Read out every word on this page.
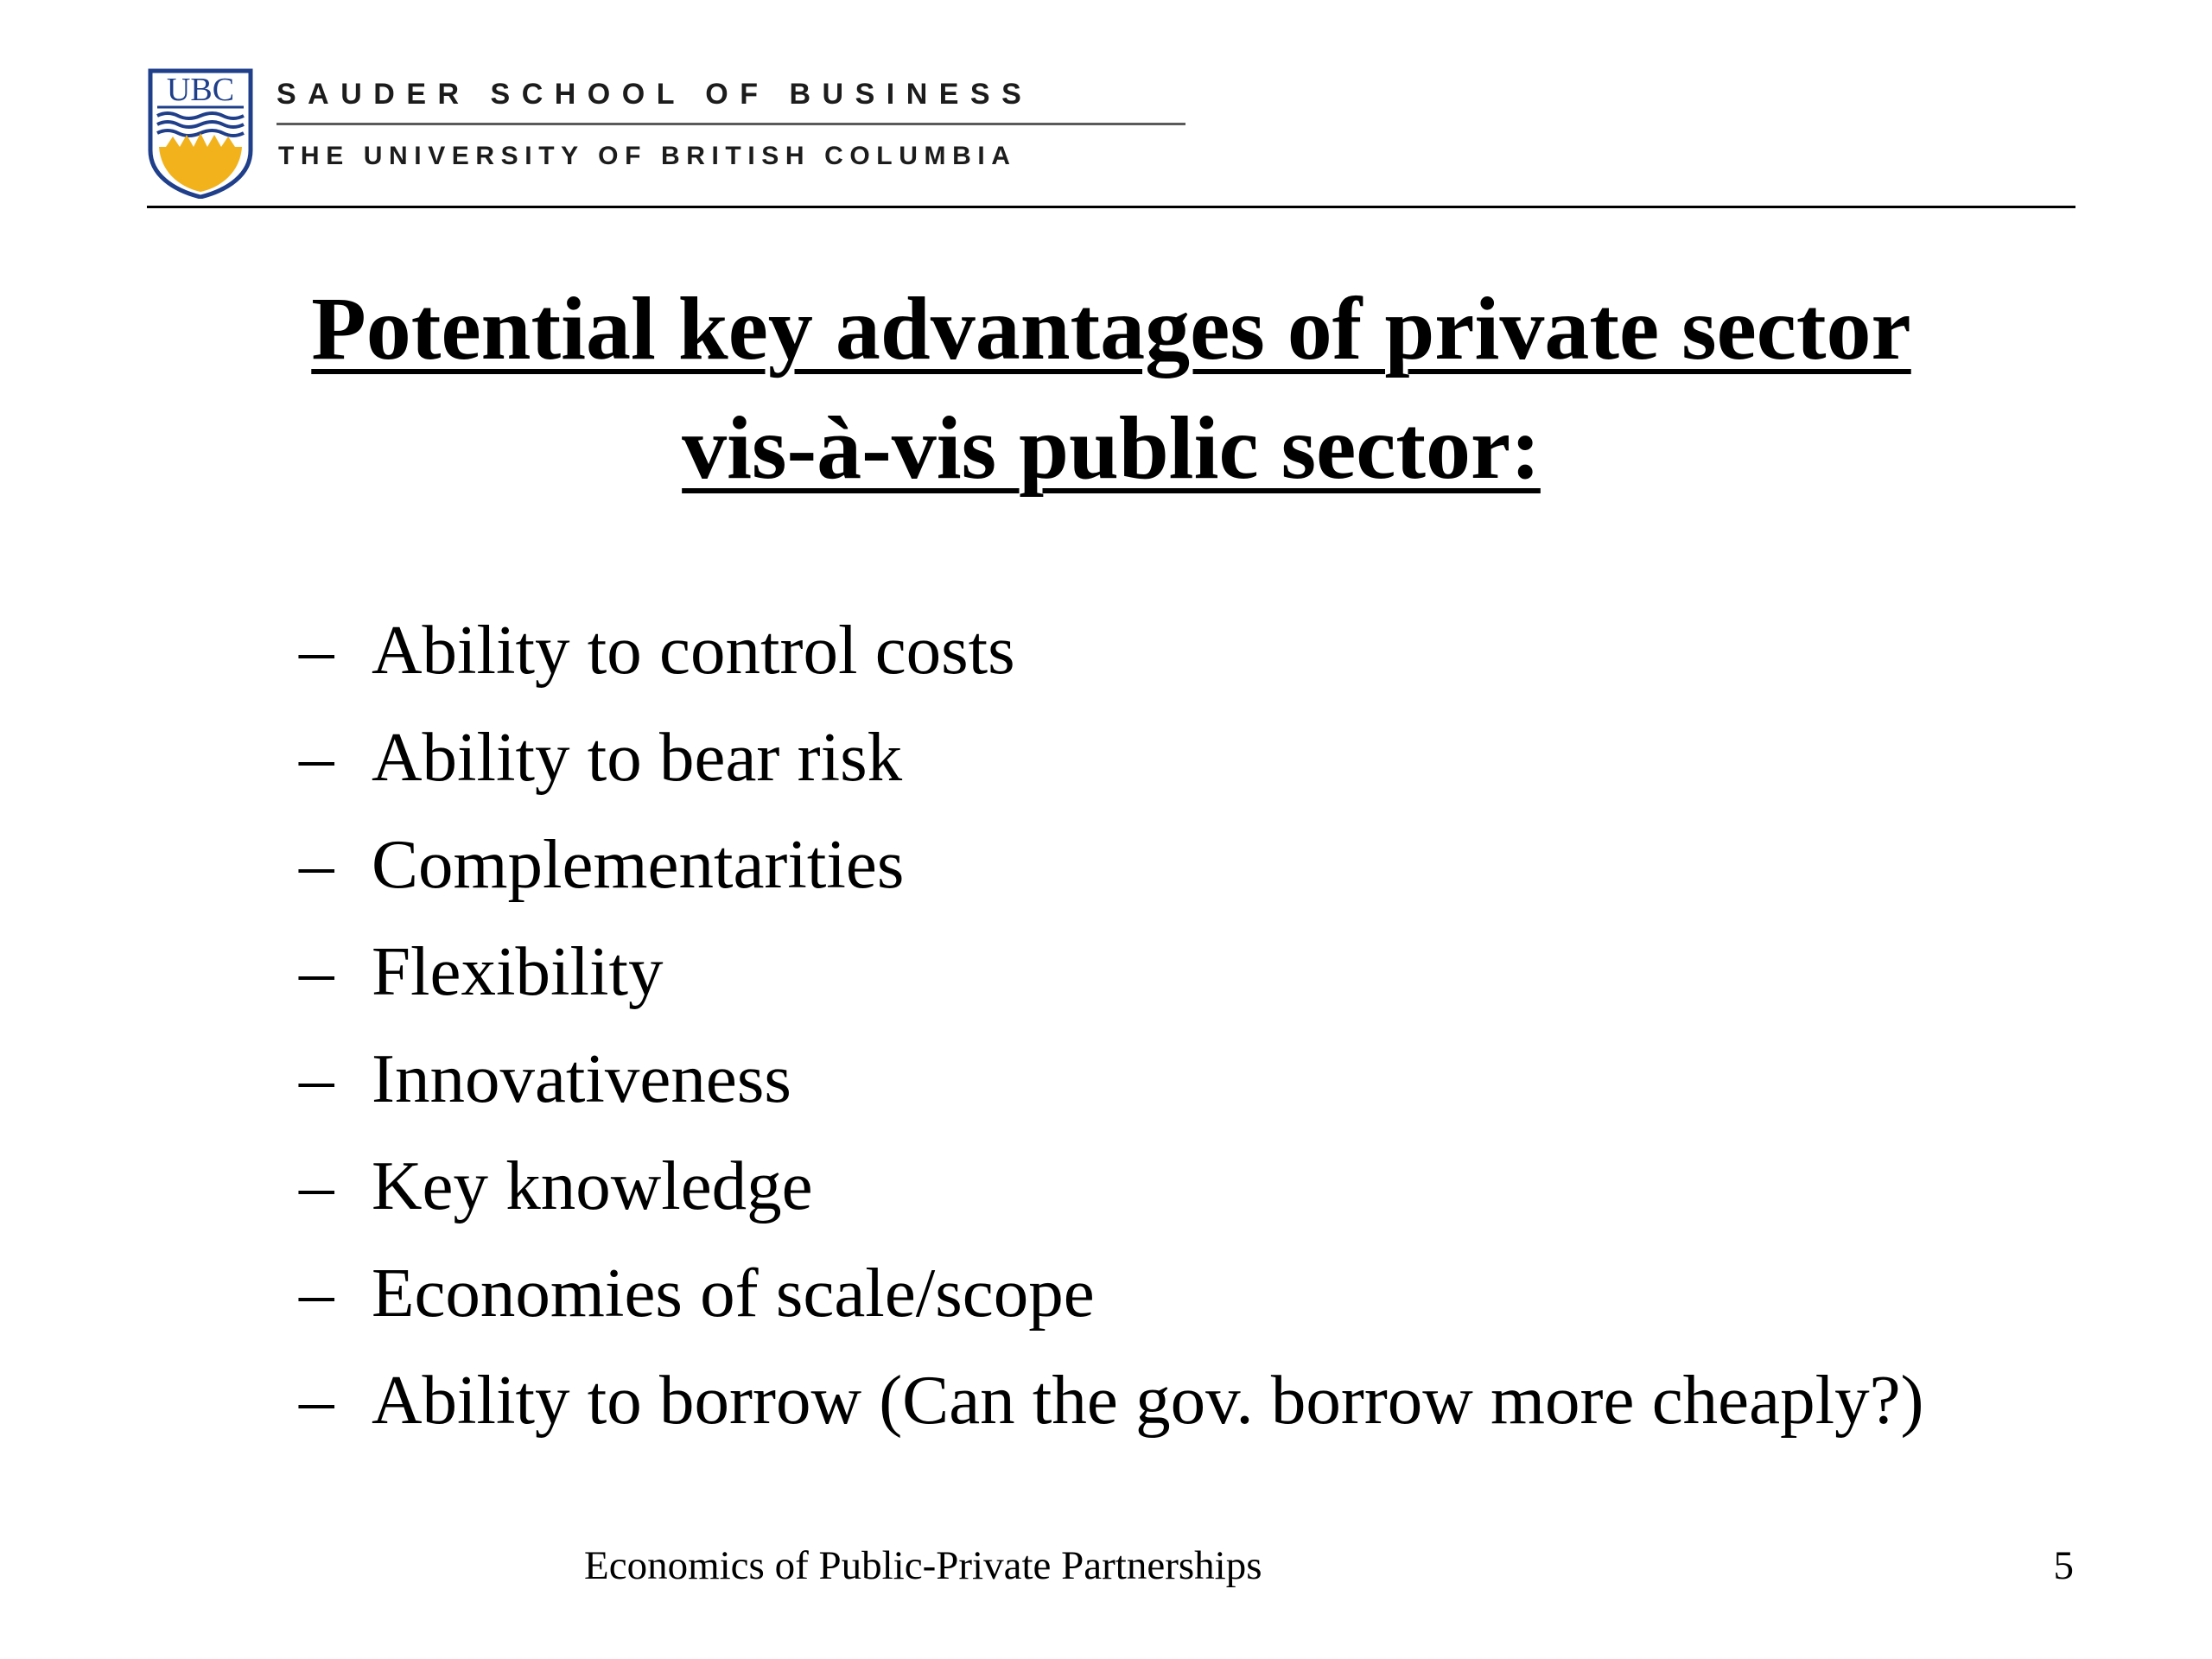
UBC SAUDER SCHOOL OF BUSINESS
THE UNIVERSITY OF BRITISH COLUMBIA
Potential key advantages of private sector
vis-à-vis public sector:
– Ability to control costs
– Ability to bear risk
– Complementarities
– Flexibility
– Innovativeness
– Key knowledge
– Economies of scale/scope
– Ability to borrow (Can the gov. borrow more cheaply?)
Economics of Public-Private Partnerships	5
